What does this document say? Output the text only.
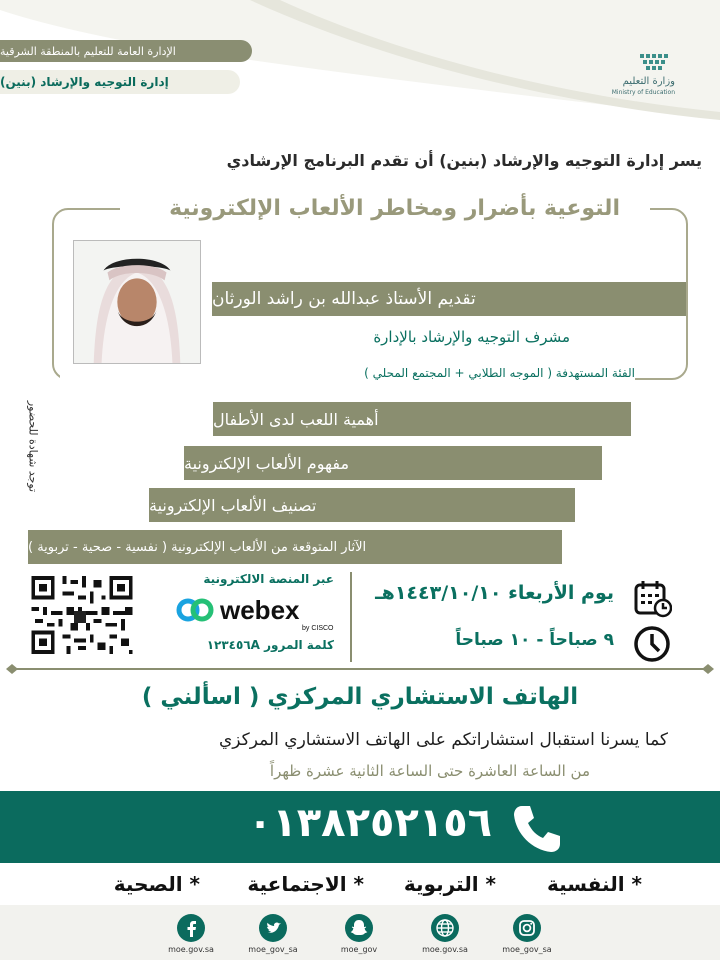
الإدارة العامة للتعليم بالمنطقة الشرقية
إدارة التوجيه والإرشاد (بنين)	وزارة التعليم
Ministry of Education
يسر إدارة التوجيه والإرشاد (بنين) أن تقدم البرنامج الإرشادي
التوعية بأضرار ومخاطر الألعاب الإلكترونية
تقديم الأستاذ عبدالله بن راشد الورثان
مشرف التوجيه والإرشاد بالإدارة
الفئة المستهدفة ( الموجه الطلابي + المجتمع المحلي )
أهمية اللعب لدى الأطفال
مفهوم الألعاب الإلكترونية
تصنيف الألعاب الإلكترونية
الآثار المتوقعة من الألعاب الإلكترونية ( نفسية - صحية - تربوية )
توجد شهادة للحضور
عبر المنصة الالكترونية
webex
by CISCO
كلمة المرور ١٢٣٤٥٦A
يوم الأربعاء ١٤٤٣/١٠/١٠هـ
٩ صباحاً - ١٠ صباحاً
الهاتف الاستشاري المركزي ( اسألني )
كما يسرنا استقبال استشاراتكم على الهاتف الاستشاري المركزي
من الساعة العاشرة حتى الساعة الثانية عشرة ظهراً
٠١٣٨٢٥٢١٥٦
* النفسية
* التربوية
* الاجتماعية
* الصحية
moe.gov.sa	moe_gov_sa	moe_gov	moe.gov.sa	moe_gov_sa
